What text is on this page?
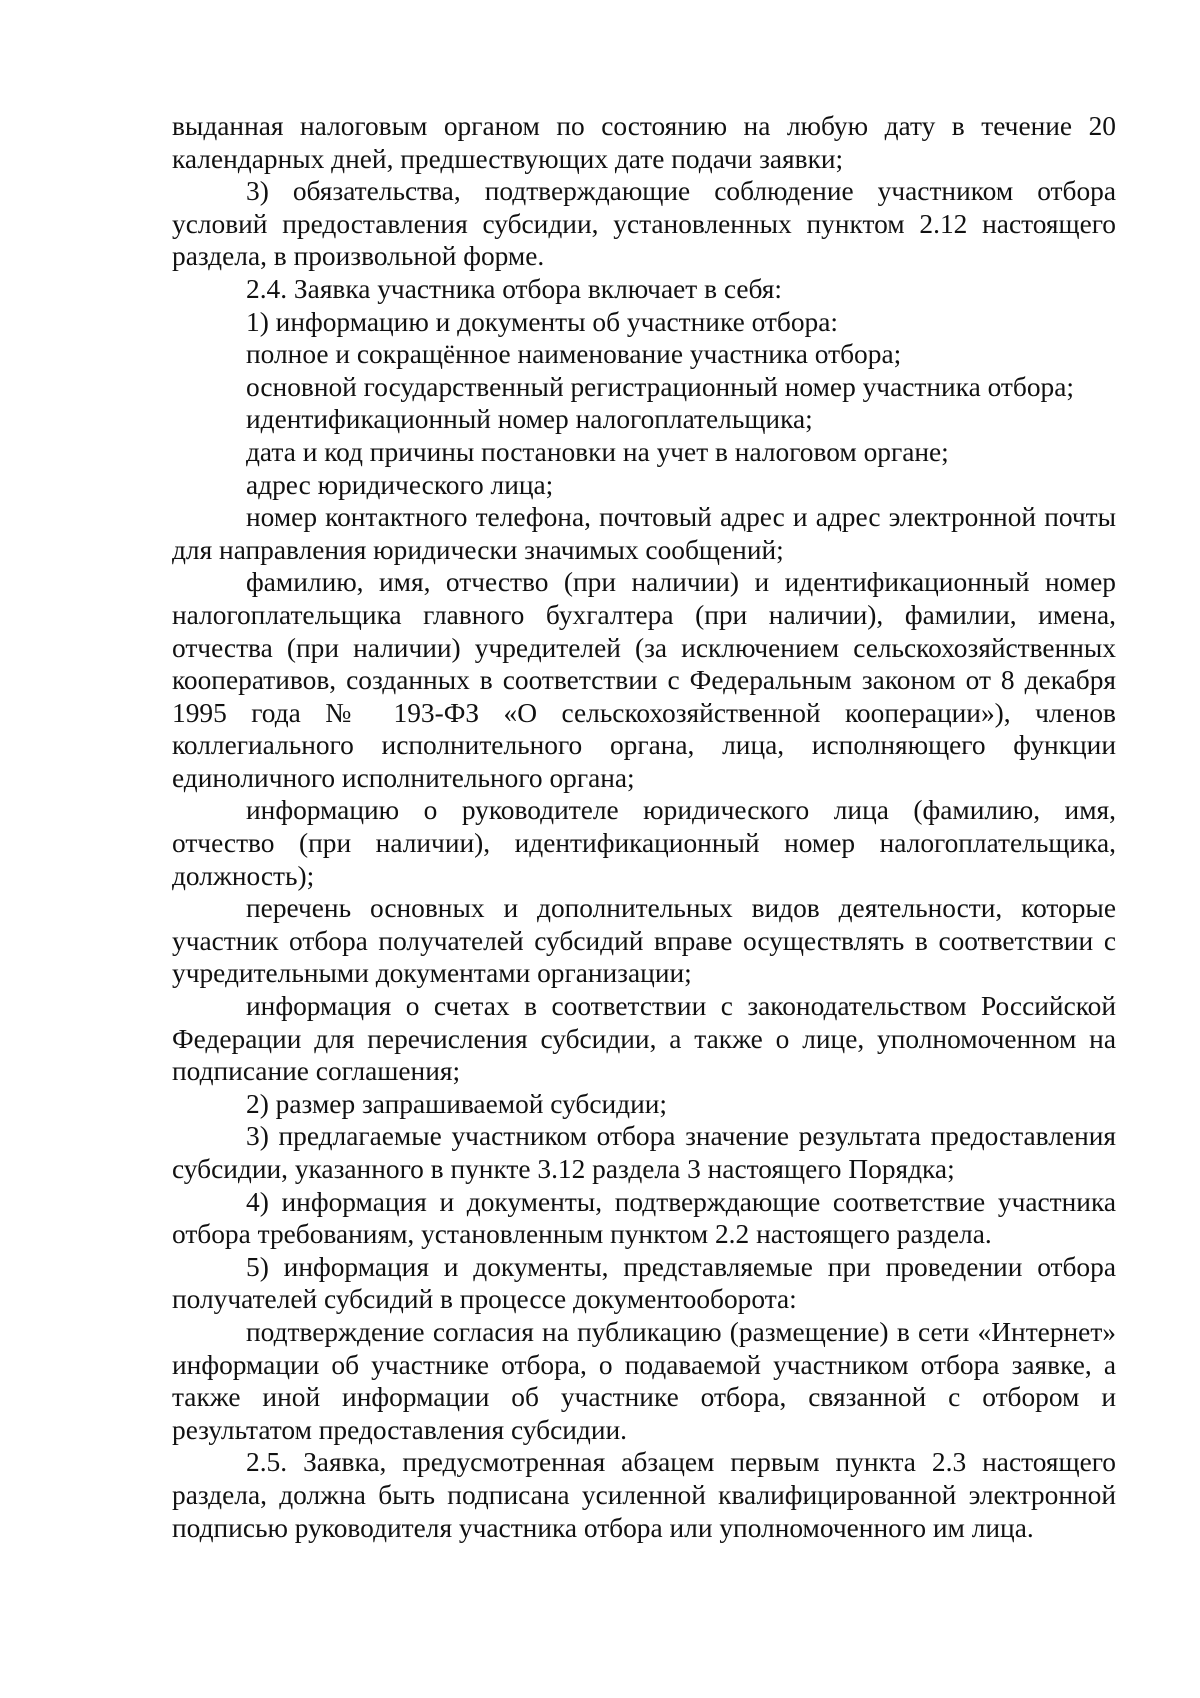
выданная налоговым органом по состоянию на любую дату в течение 20 календарных дней, предшествующих дате подачи заявки;

3) обязательства, подтверждающие соблюдение участником отбора условий предоставления субсидии, установленных пунктом 2.12 настоящего раздела, в произвольной форме.

2.4. Заявка участника отбора включает в себя:

1) информацию и документы об участнике отбора:

полное и сокращённое наименование участника отбора;

основной государственный регистрационный номер участника отбора;

идентификационный номер налогоплательщика;

дата и код причины постановки на учет в налоговом органе;

адрес юридического лица;

номер контактного телефона, почтовый адрес и адрес электронной почты для направления юридически значимых сообщений;

фамилию, имя, отчество (при наличии) и идентификационный номер налогоплательщика главного бухгалтера (при наличии), фамилии, имена, отчества (при наличии) учредителей (за исключением сельскохозяйственных кооперативов, созданных в соответствии с Федеральным законом от 8 декабря 1995 года № 193-ФЗ «О сельскохозяйственной кооперации»), членов коллегиального исполнительного органа, лица, исполняющего функции единоличного исполнительного органа;

информацию о руководителе юридического лица (фамилию, имя, отчество (при наличии), идентификационный номер налогоплательщика, должность);

перечень основных и дополнительных видов деятельности, которые участник отбора получателей субсидий вправе осуществлять в соответствии с учредительными документами организации;

информация о счетах в соответствии с законодательством Российской Федерации для перечисления субсидии, а также о лице, уполномоченном на подписание соглашения;

2) размер запрашиваемой субсидии;

3) предлагаемые участником отбора значение результата предоставления субсидии, указанного в пункте 3.12 раздела 3 настоящего Порядка;

4) информация и документы, подтверждающие соответствие участника отбора требованиям, установленным пунктом 2.2 настоящего раздела.

5) информация и документы, представляемые при проведении отбора получателей субсидий в процессе документооборота:

подтверждение согласия на публикацию (размещение) в сети «Интернет» информации об участнике отбора, о подаваемой участником отбора заявке, а также иной информации об участнике отбора, связанной с отбором и результатом предоставления субсидии.

2.5. Заявка, предусмотренная абзацем первым пункта 2.3 настоящего раздела, должна быть подписана усиленной квалифицированной электронной подписью руководителя участника отбора или уполномоченного им лица.
